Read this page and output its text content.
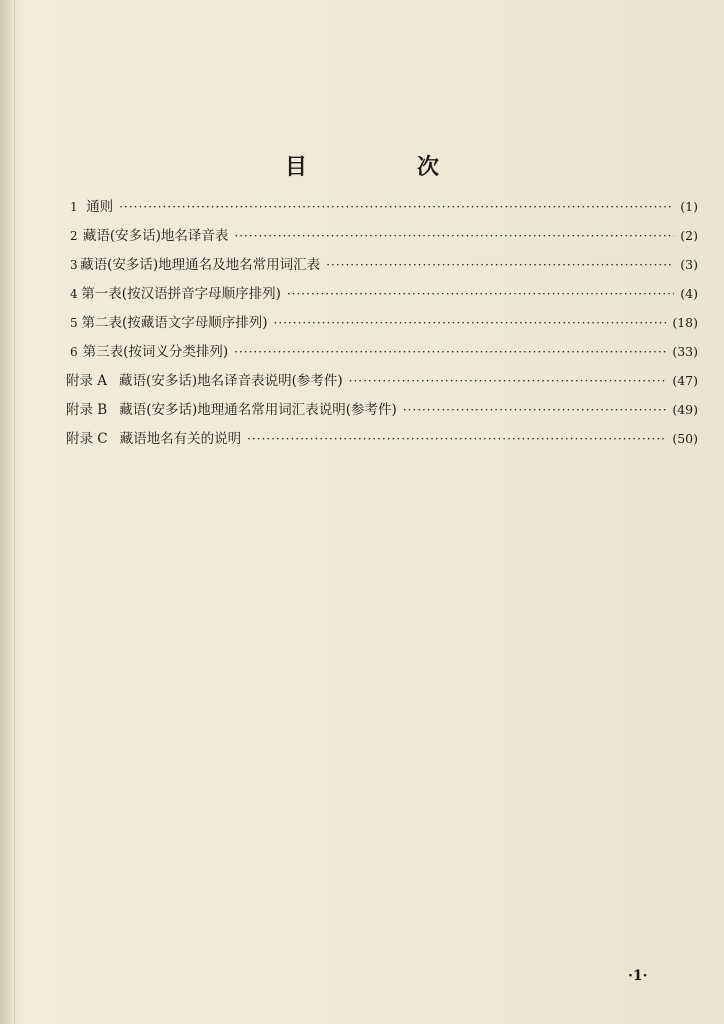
目　次
1 通则 ·····	(1)
2 藏语(安多话)地名译音表 ·····	(2)
3 藏语(安多话)地理通名及地名常用词汇表 ·····	(3)
4 第一表(按汉语拼音字母顺序排列) ·····	(4)
5 第二表(按藏语文字母顺序排列) ·····	(18)
6 第三表(按词义分类排列) ·····	(33)
附录 A 藏语(安多话)地名译音表说明(参考件) ·····	(47)
附录 B 藏语(安多话)地理通名常用词汇表说明(参考件) ·····	(49)
附录 C 藏语地名有关的说明 ·····	(50)
·1·
